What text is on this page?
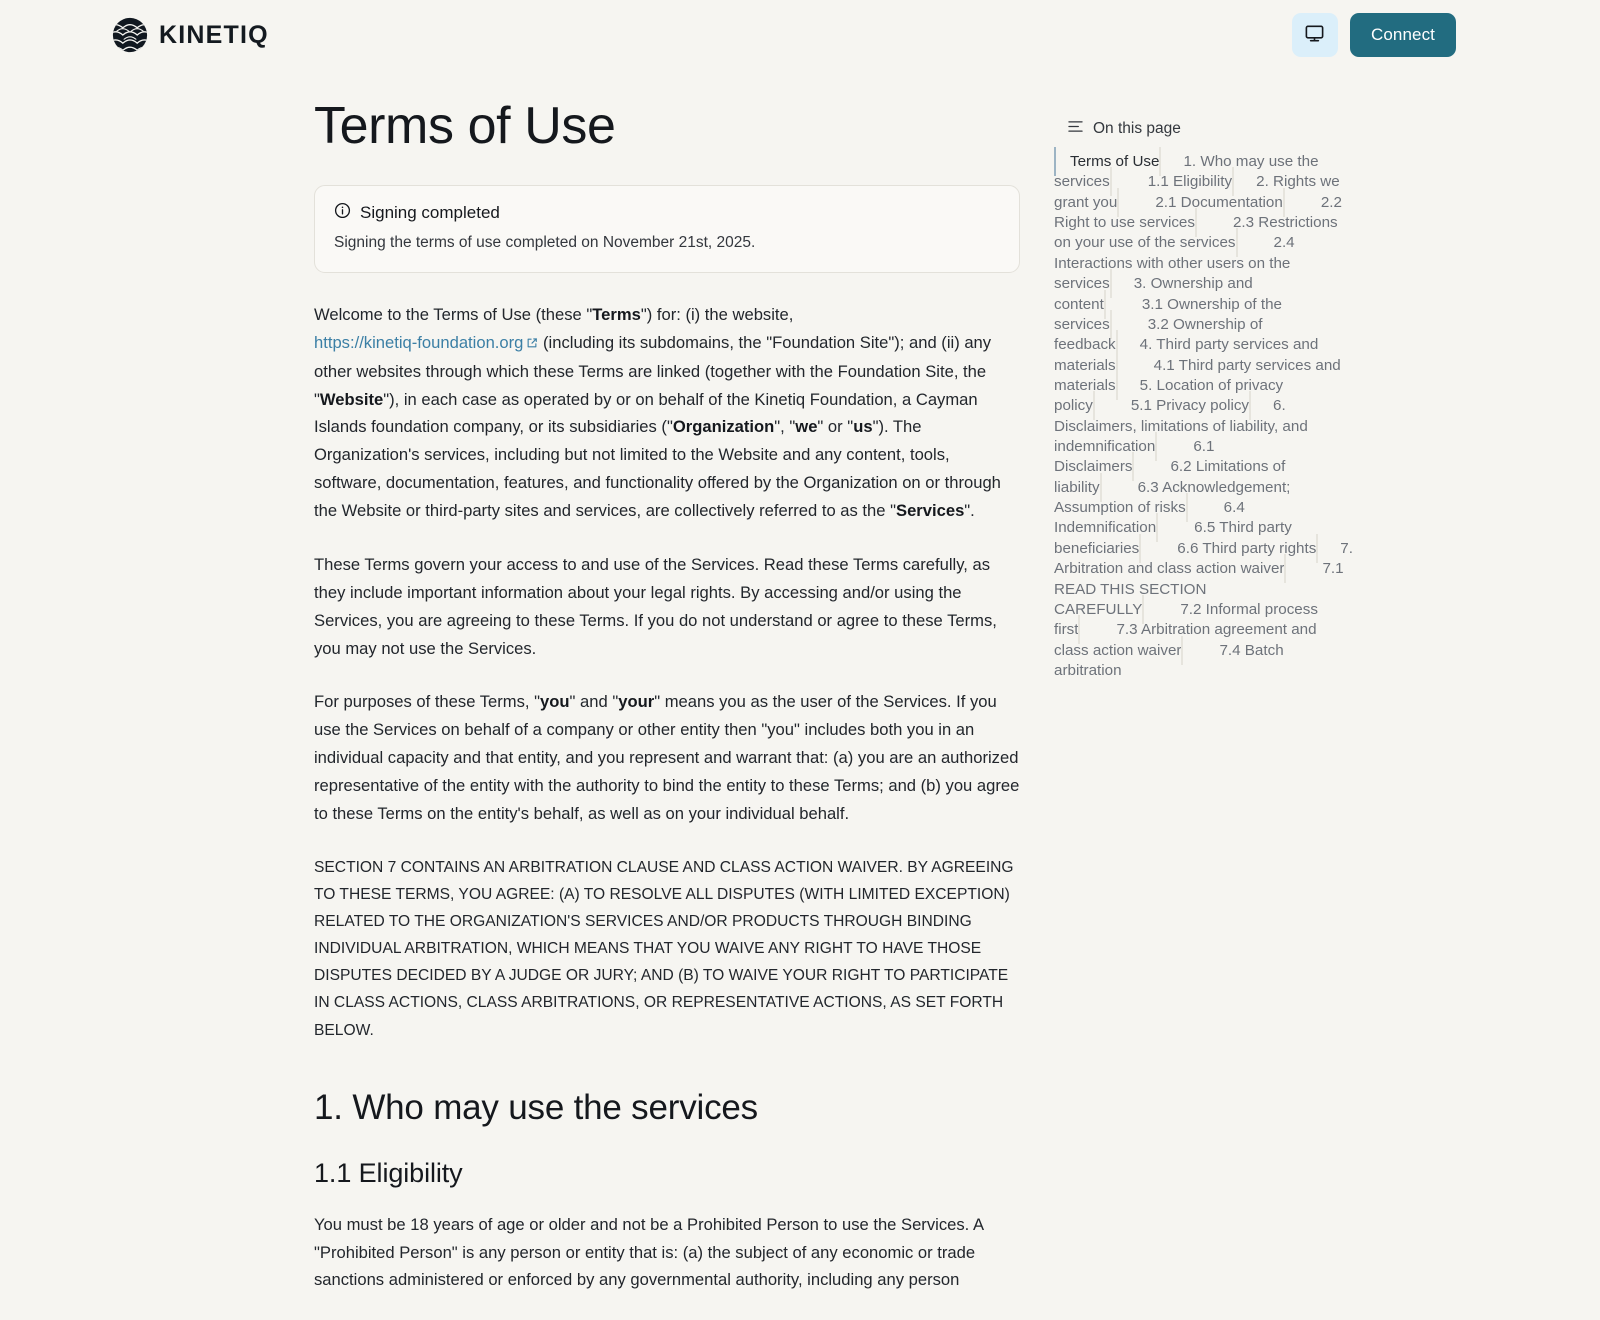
KINETIQ	Connect
Terms of Use
Signing completed
Signing the terms of use completed on November 21st, 2025.

Welcome to the Terms of Use (these "Terms") for: (i) the website, https://kinetiq-foundation.org (including its subdomains, the "Foundation Site"); and (ii) any other websites through which these Terms are linked (together with the Foundation Site, the "Website"), in each case as operated by or on behalf of the Kinetiq Foundation, a Cayman Islands foundation company, or its subsidiaries ("Organization", "we" or "us"). The Organization's services, including but not limited to the Website and any content, tools, software, documentation, features, and functionality offered by the Organization on or through the Website or third-party sites and services, are collectively referred to as the "Services".

These Terms govern your access to and use of the Services. Read these Terms carefully, as they include important information about your legal rights. By accessing and/or using the Services, you are agreeing to these Terms. If you do not understand or agree to these Terms, you may not use the Services.

For purposes of these Terms, "you" and "your" means you as the user of the Services. If you use the Services on behalf of a company or other entity then "you" includes both you in an individual capacity and that entity, and you represent and warrant that: (a) you are an authorized representative of the entity with the authority to bind the entity to these Terms; and (b) you agree to these Terms on the entity's behalf, as well as on your individual behalf.

SECTION 7 CONTAINS AN ARBITRATION CLAUSE AND CLASS ACTION WAIVER. BY AGREEING TO THESE TERMS, YOU AGREE: (A) TO RESOLVE ALL DISPUTES (WITH LIMITED EXCEPTION) RELATED TO THE ORGANIZATION'S SERVICES AND/OR PRODUCTS THROUGH BINDING INDIVIDUAL ARBITRATION, WHICH MEANS THAT YOU WAIVE ANY RIGHT TO HAVE THOSE DISPUTES DECIDED BY A JUDGE OR JURY; AND (B) TO WAIVE YOUR RIGHT TO PARTICIPATE IN CLASS ACTIONS, CLASS ARBITRATIONS, OR REPRESENTATIVE ACTIONS, AS SET FORTH BELOW.

1. Who may use the services
1.1 Eligibility

You must be 18 years of age or older and not be a Prohibited Person to use the Services. A "Prohibited Person" is any person or entity that is: (a) the subject of any economic or trade sanctions administered or enforced by any governmental authority, including any person

On this page
Terms of Use 1. Who may use the services	1.1 Eligibility 2. Rights we grant you	2.1 Documentation	2.2 Right to use services	2.3 Restrictions on your use of the services	2.4 Interactions with other users on the services 3. Ownership and content	3.1 Ownership of the services	3.2 Ownership of feedback 4. Third party services and materials	4.1 Third party services and materials 5. Location of privacy policy	5.1 Privacy policy 6. Disclaimers, limitations of liability, and indemnification	6.1 Disclaimers	6.2 Limitations of liability	6.3 Acknowledgement; Assumption of risks	6.4 Indemnification	6.5 Third party beneficiaries	6.6 Third party rights 7. Arbitration and class action waiver	7.1 READ THIS SECTION CAREFULLY	7.2 Informal process first	7.3 Arbitration agreement and class action waiver	7.4 Batch arbitration
